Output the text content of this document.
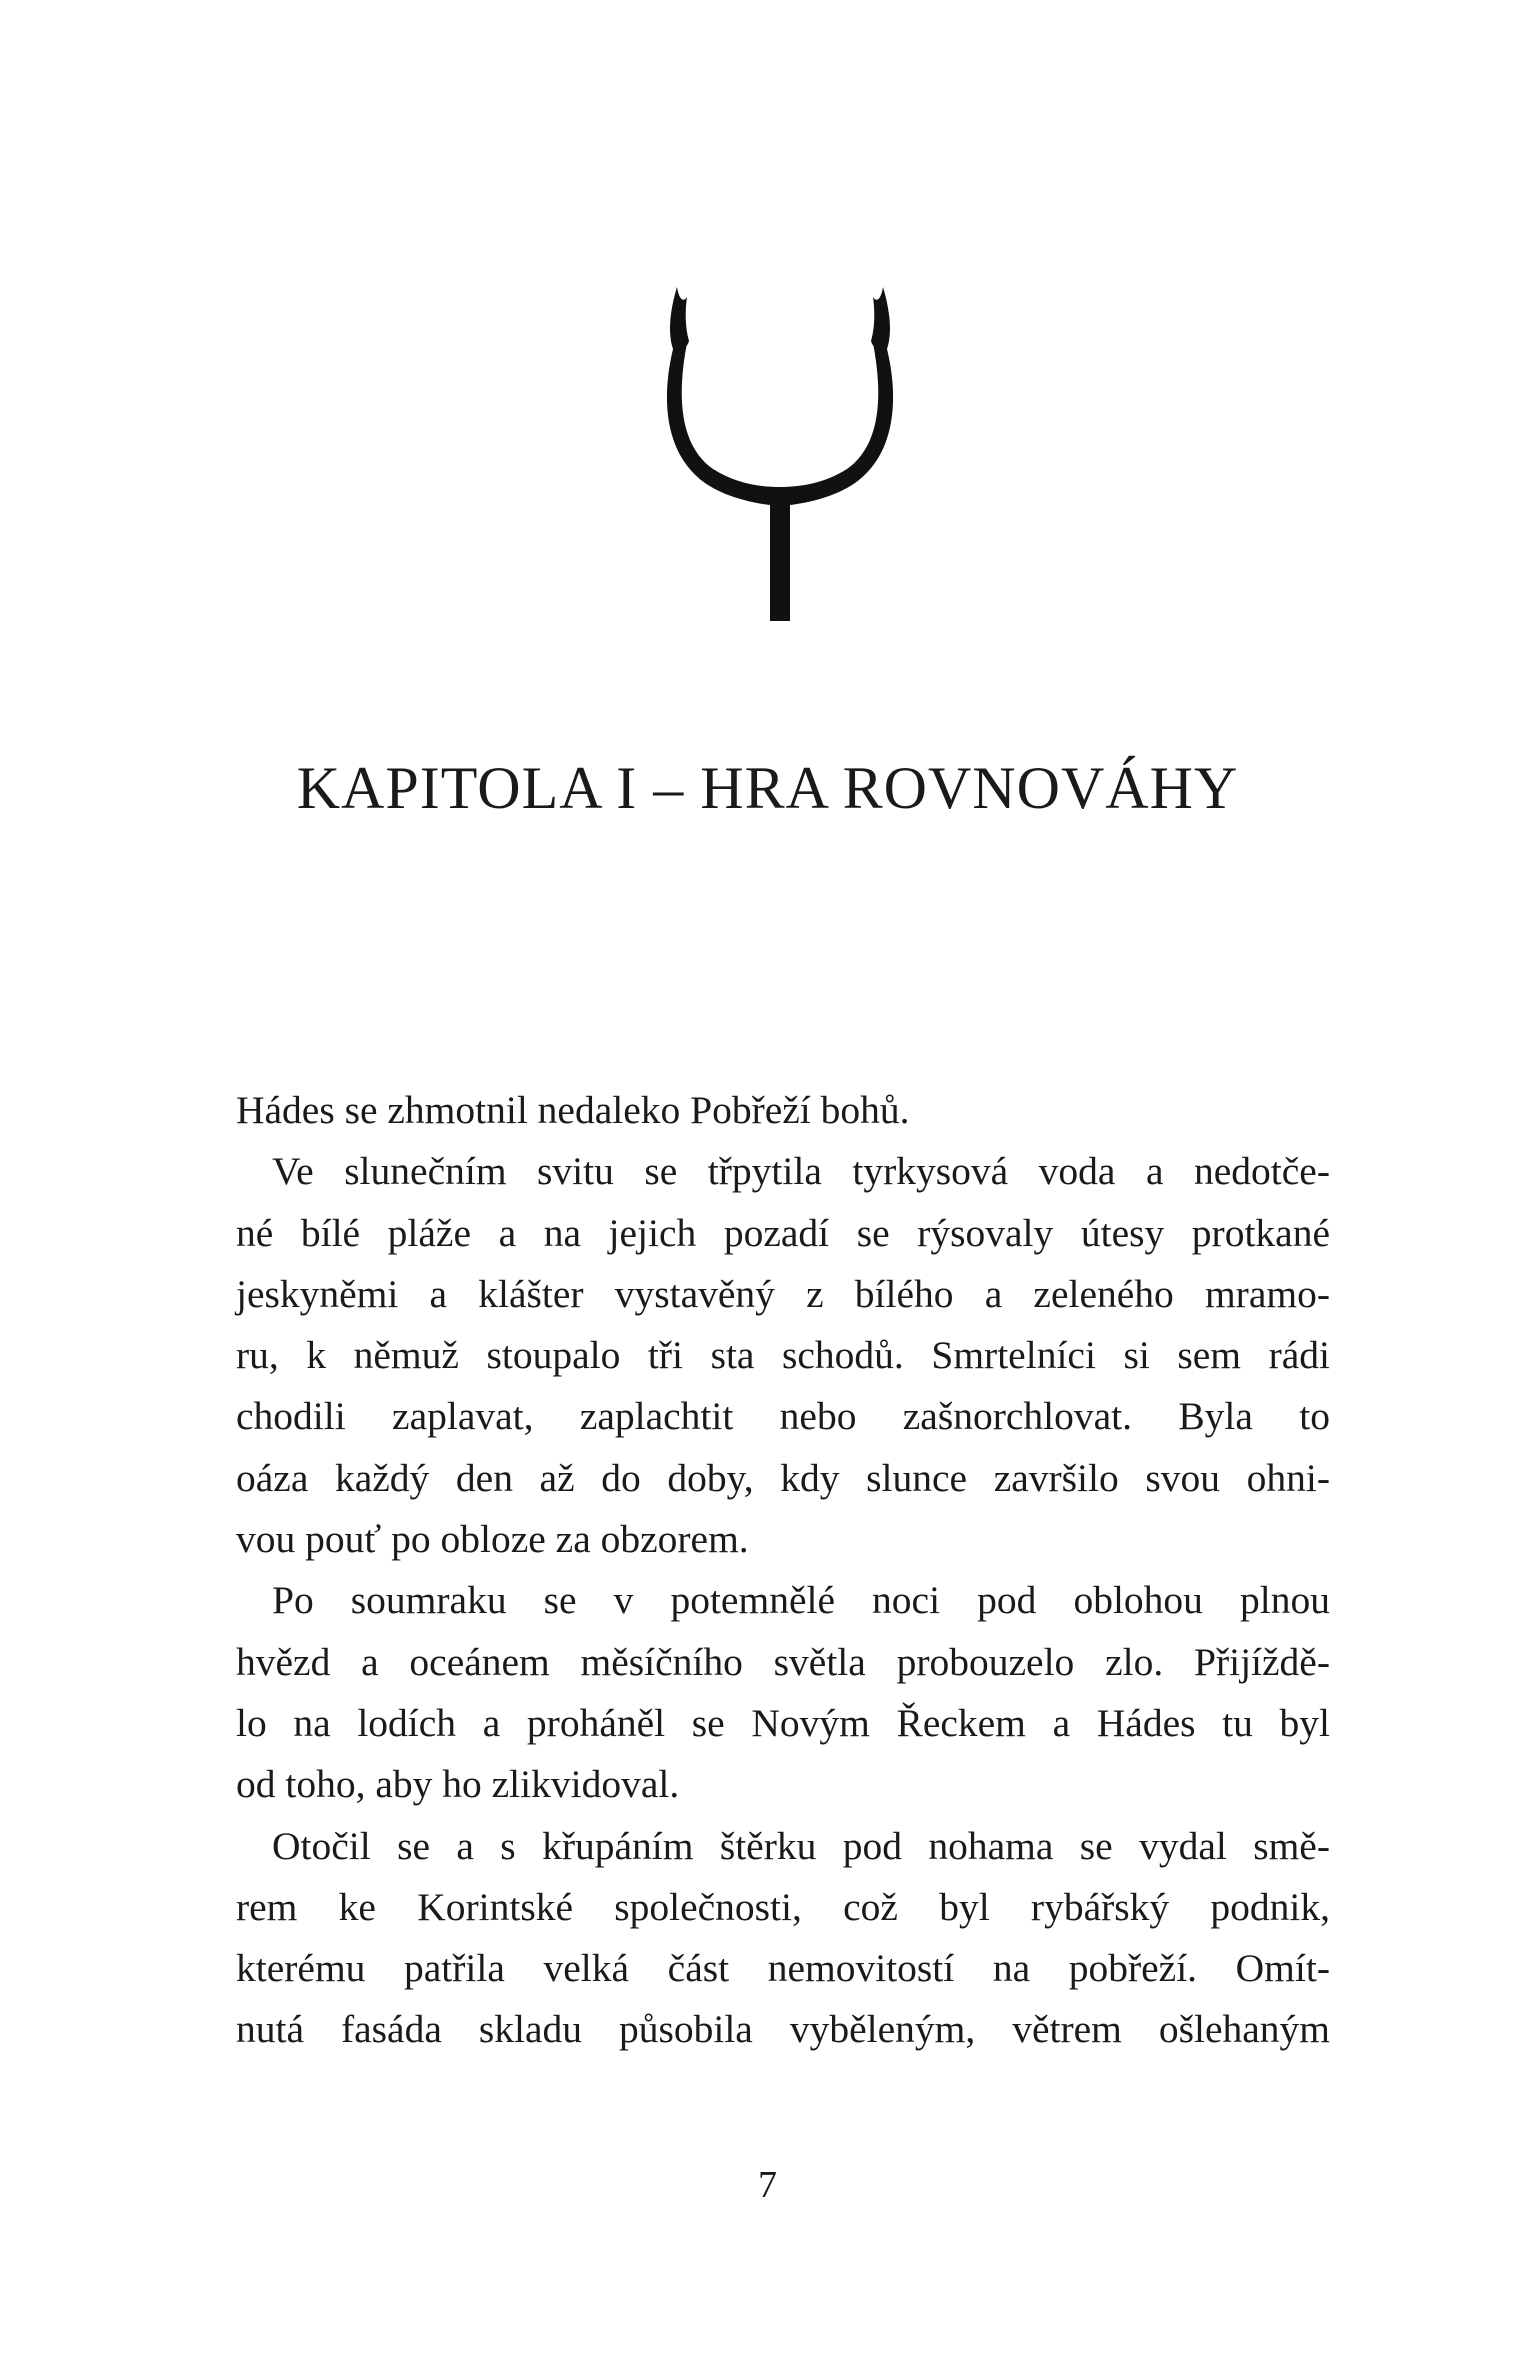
KAPITOLA I – HRA ROVNOVÁHY
Hádes se zhmotnil nedaleko Pobřeží bohů.
Ve slunečním svitu se třpytila tyrkysová voda a nedotče-
né bílé pláže a na jejich pozadí se rýsovaly útesy protkané
jeskyněmi a klášter vystavěný z bílého a zeleného mramo-
ru, k němuž stoupalo tři sta schodů. Smrtelníci si sem rádi
chodili zaplavat, zaplachtit nebo zašnorchlovat. Byla to
oáza každý den až do doby, kdy slunce završilo svou ohni-
vou pouť po obloze za obzorem.
Po soumraku se v potemnělé noci pod oblohou plnou
hvězd a oceánem měsíčního světla probouzelo zlo. Přijíždě-
lo na lodích a proháněl se Novým Řeckem a Hádes tu byl
od toho, aby ho zlikvidoval.
Otočil se a s křupáním štěrku pod nohama se vydal smě-
rem ke Korintské společnosti, což byl rybářský podnik,
kterému patřila velká část nemovitostí na pobřeží. Omít-
nutá fasáda skladu působila vyběleným, větrem ošlehaným
7
